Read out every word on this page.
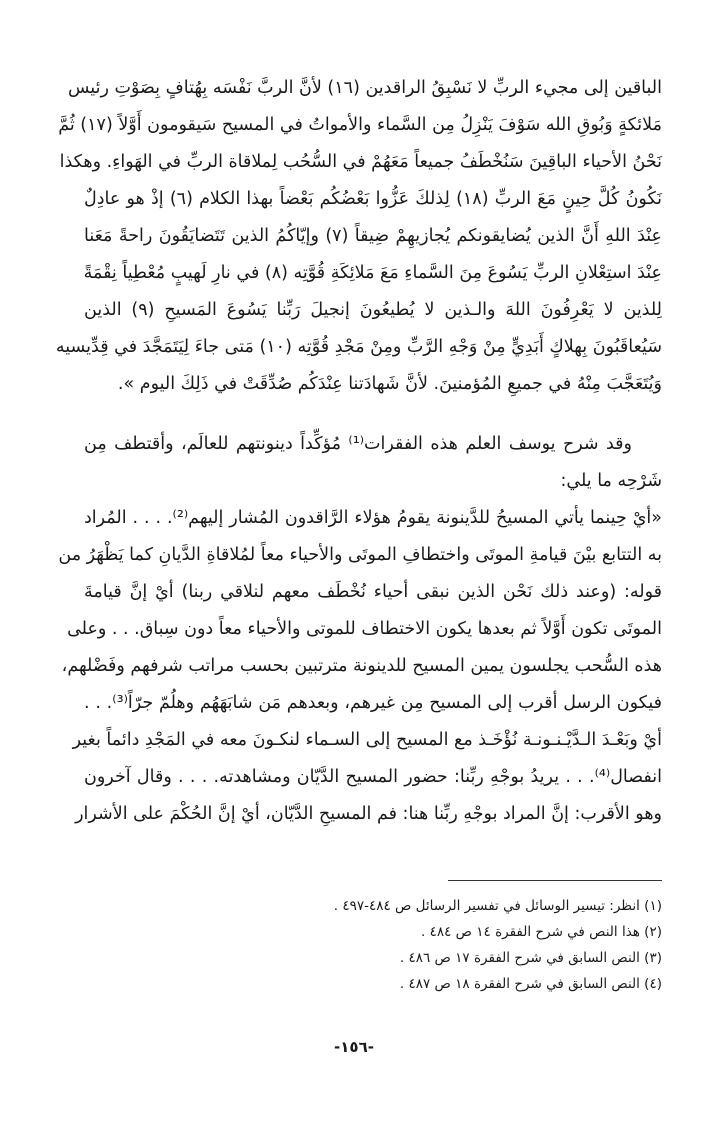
الباقين إلى مجيء الربِّ لا نَسْبِقُ الراقدين (١٦) لأنَّ الربَّ نَفْسَه بِهُتافٍ بِصَوْتِ رئيس
مَلائكةٍ وَبُوقِ الله سَوْفَ يَنْزِلُ مِن السَّماء والأمواتُ في المسيح سَيقومون أَوَّلاً (١٧) ثُمَّ
نَحْنُ الأحياء الباقِينَ سَنُخْطَفُ جميعاً مَعَهُمْ في السُّحُب لِملاقاة الربِّ في الهَواءِ. وهكذا
نَكُونُ كُلَّ حِينٍ مَعَ الربِّ (١٨) لِذلكَ عَزُّوا بَعْضُكُم بَعْضاً بهذا الكلام (٦) إذْ هو عادِلٌ
عِنْدَ اللهِ أَنَّ الذين يُضايقونكم يُجازيهِمْ ضِيقاً (٧) وإيّاكُمُ الذين تَتَضايَقُونَ راحةً مَعَنا
عِنْدَ استِعْلانِ الربِّ يَسُوعَ مِنَ السَّماءِ مَعَ مَلائِكَةِ قُوَّتِه (٨) في نارِ لَهيبٍ مُعْطِياً نِقْمَةً
لِلذين لا يَعْرِفُونَ اللهَ والـذين لا يُطيعُونَ إنجيلَ رَبِّنا يَسُوعَ المَسيحِ (٩) الذين
سَيُعاقَبُونَ بِهلاكٍ أَبَدِيٍّ مِنْ وَجْهِ الرَّبِّ ومِنْ مَجْدِ قُوَّتِه (١٠) مَتى جاءَ لِيَتَمَجَّدَ في قِدِّيسيه
وَيُتَعَجَّبَ مِنْهُ في جميعِ المُؤمنينَ. لأنَّ شَهادَتنا عِنْدَكُم صُدِّقَتْ في ذَلِكَ اليوم ».
وقد شرح يوسف العلم هذه الفقرات⁽¹⁾ مُؤكِّداً دينونتهم للعالَم، وأقتطف مِن
شَرْحِه ما يلي:
«أيْ حِينما يأتي المسيحُ للدَّينونة يقومُ هؤلاء الرَّاقدون المُشار إليهم⁽²⁾. . . . المُراد
به التتابع بيْنَ قيامةِ الموتَى واختطافِ الموتَى والأحياء معاً لمُلاقاةِ الدَّيانِ كما يَظْهَرُ من
قوله: (وعند ذلك نَحْن الذين نبقى أحياء نُخْطَف معهم لنلاقي ربنا) أيْ إنَّ قيامةَ
الموتَى تكون أَوَّلاً ثم بعدها يكون الاختطاف للموتى والأحياء معاً دون سِباق. . . وعلى
هذه السُّحب يجلسون يمين المسيح للدينونة مترتبين بحسب مراتب شرفهم وفَضْلهم،
فيكون الرسل أقرب إلى المسيح مِن غيرهم، وبعدهم مَن شابَهَهُم وهلُمّ جرّاً⁽³⁾. . .
أيْ وبَعْـدَ الـدَّيْـنـونـة نُؤْخَـذ مع المسيح إلى السـماء لنكـونَ معه في المَجْدِ دائماً بغير
انفصال⁽⁴⁾. . . يريدُ بوجْهِ ربِّنا: حضور المسيح الدَّيّان ومشاهدته. . . . وقال آخرون
وهو الأقرب: إنَّ المراد بوجْهِ ربِّنا هنا: فم المسيحِ الدَّيّان، أيْ إنَّ الحُكْمَ على الأشرار
(١) انظر: تيسير الوسائل في تفسير الرسائل ص ٤٨٤-٤٩٧ .
(٢) هذا النص في شرح الفقرة ١٤ ص ٤٨٤ .
(٣) النص السابق في شرح الفقرة ١٧ ص ٤٨٦ .
(٤) النص السابق في شرح الفقرة ١٨ ص ٤٨٧ .
-١٥٦-
